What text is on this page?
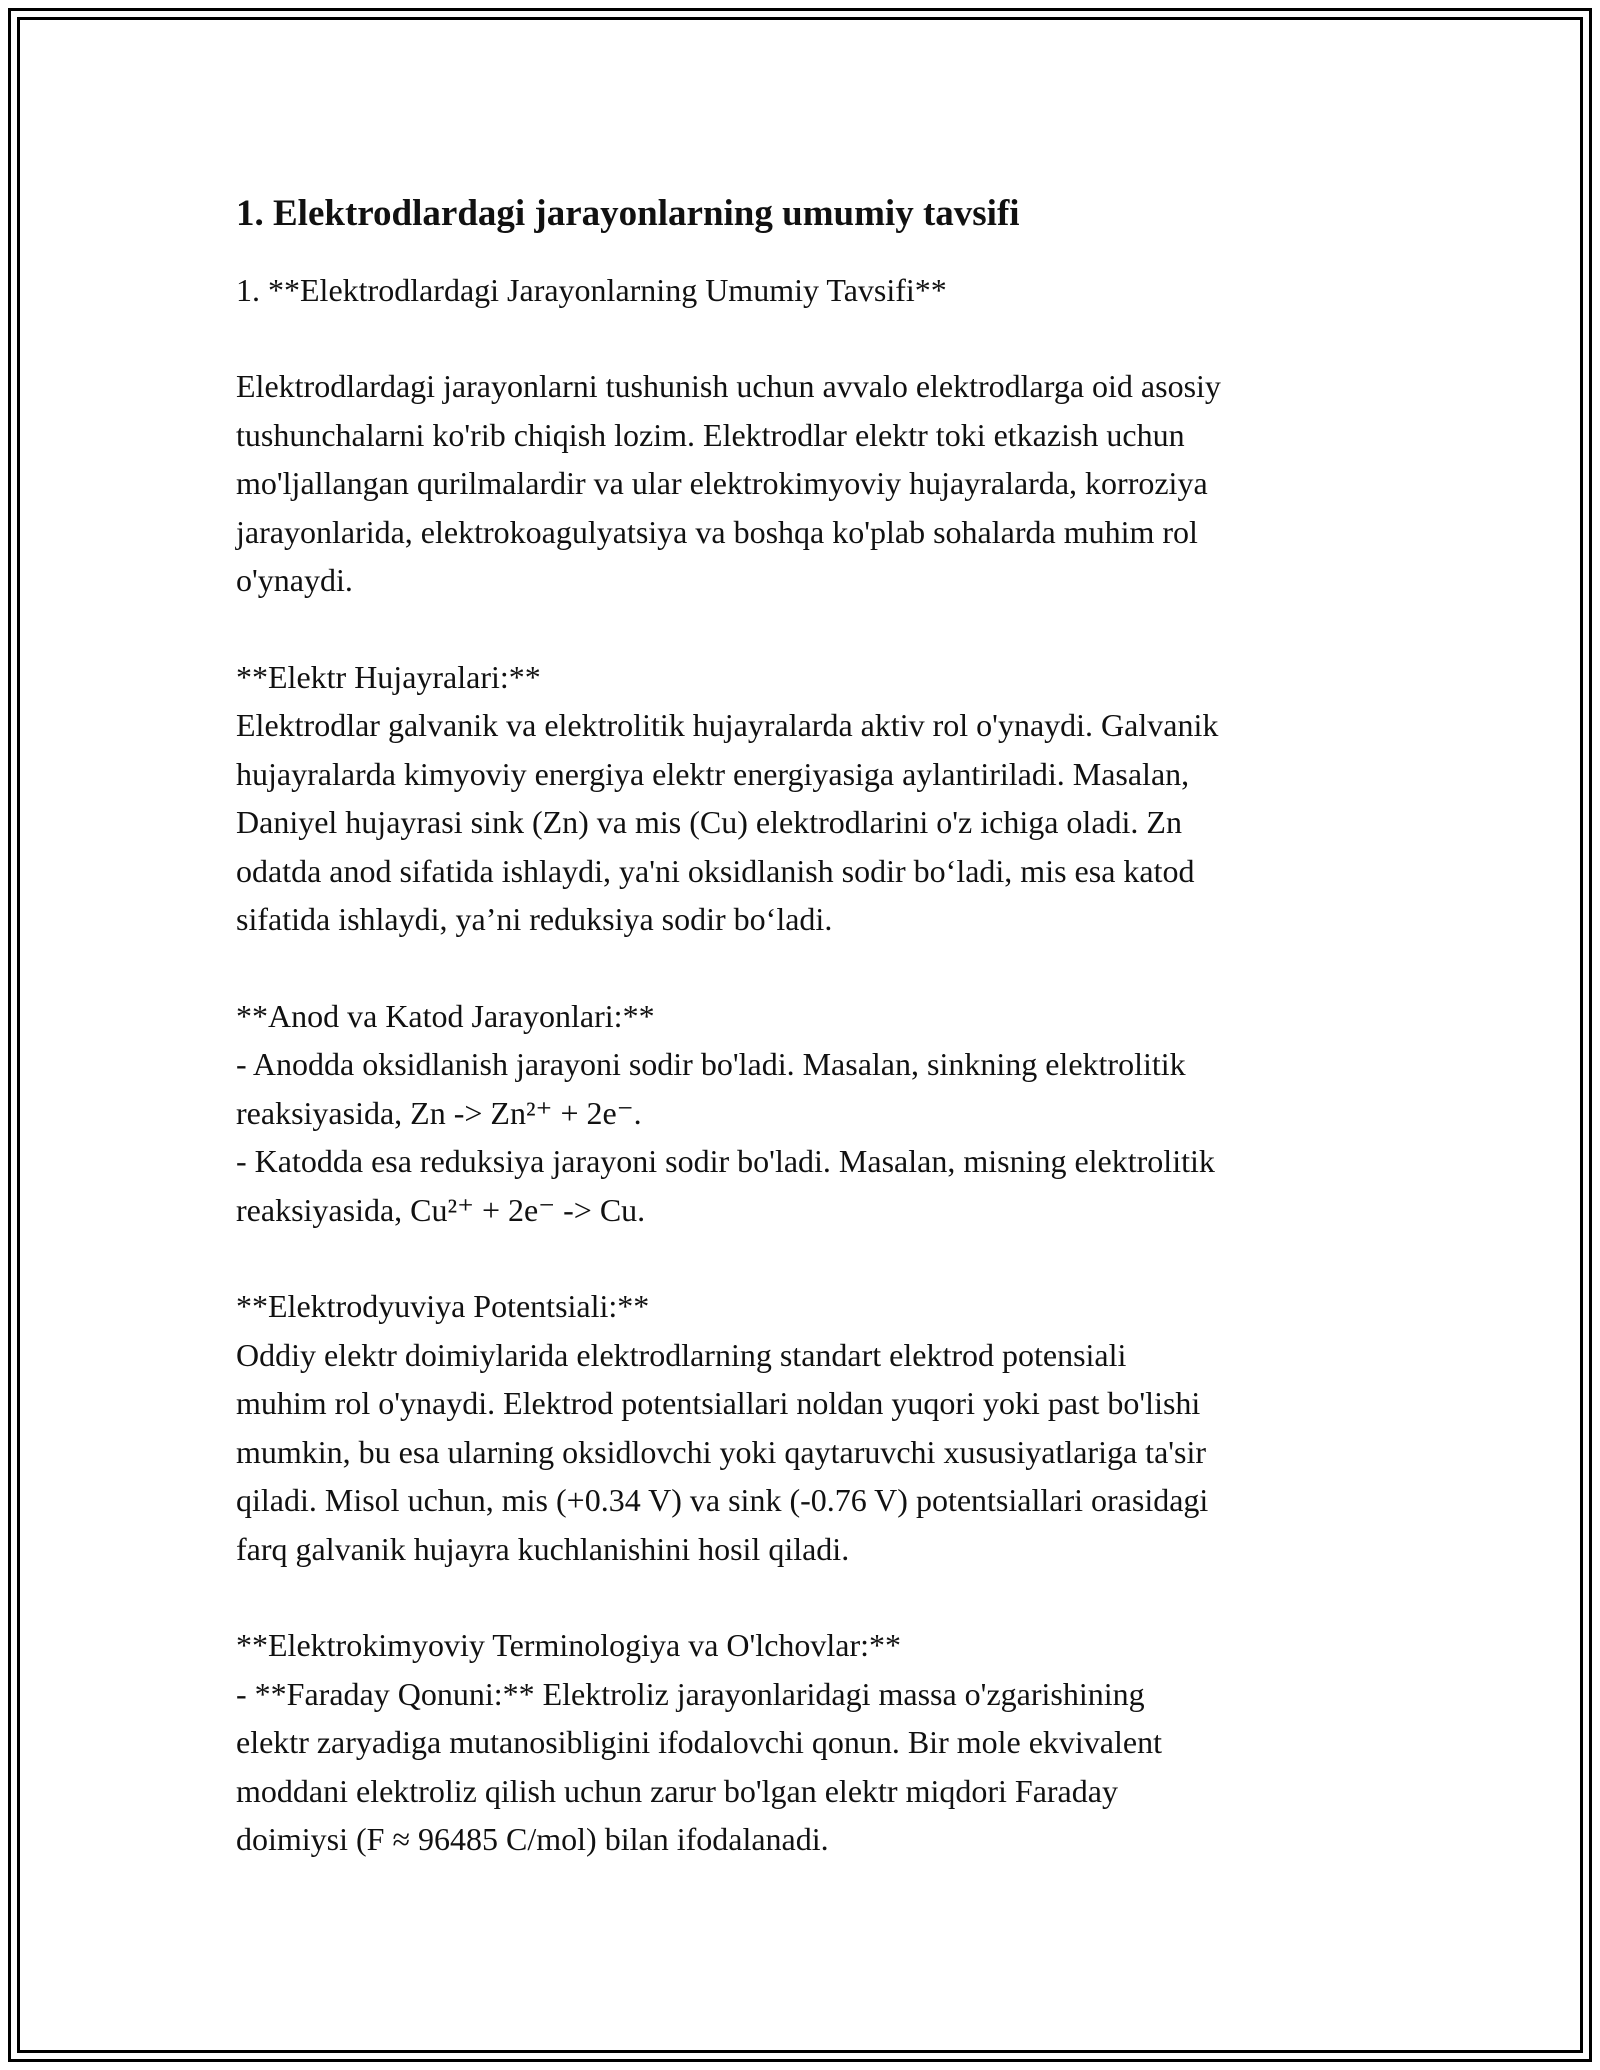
1. Elektrodlardagi jarayonlarning umumiy tavsifi
1. **Elektrodlardagi Jarayonlarning Umumiy Tavsifi**
Elektrodlardagi jarayonlarni tushunish uchun avvalo elektrodlarga oid asosiy
tushunchalarni ko'rib chiqish lozim. Elektrodlar elektr toki etkazish uchun
mo'ljallangan qurilmalardir va ular elektrokimyoviy hujayralarda, korroziya
jarayonlarida, elektrokoagulyatsiya va boshqa ko'plab sohalarda muhim rol
o'ynaydi.
**Elektr Hujayralari:**
Elektrodlar galvanik va elektrolitik hujayralarda aktiv rol o'ynaydi. Galvanik
hujayralarda kimyoviy energiya elektr energiyasiga aylantiriladi. Masalan,
Daniyel hujayrasi sink (Zn) va mis (Cu) elektrodlarini o'z ichiga oladi. Zn
odatda anod sifatida ishlaydi, ya'ni oksidlanish sodir bo‘ladi, mis esa katod
sifatida ishlaydi, ya’ni reduksiya sodir bo‘ladi.
**Anod va Katod Jarayonlari:**
- Anodda oksidlanish jarayoni sodir bo'ladi. Masalan, sinkning elektrolitik
reaksiyasida, Zn -> Zn²⁺ + 2e⁻.
- Katodda esa reduksiya jarayoni sodir bo'ladi. Masalan, misning elektrolitik
reaksiyasida, Cu²⁺ + 2e⁻ -> Cu.
**Elektrodyuviya Potentsiali:**
Oddiy elektr doimiylarida elektrodlarning standart elektrod potensiali
muhim rol o'ynaydi. Elektrod potentsiallari noldan yuqori yoki past bo'lishi
mumkin, bu esa ularning oksidlovchi yoki qaytaruvchi xususiyatlariga ta'sir
qiladi. Misol uchun, mis (+0.34 V) va sink (-0.76 V) potentsiallari orasidagi
farq galvanik hujayra kuchlanishini hosil qiladi.
**Elektrokimyoviy Terminologiya va O'lchovlar:**
- **Faraday Qonuni:** Elektroliz jarayonlaridagi massa o'zgarishining
elektr zaryadiga mutanosibligini ifodalovchi qonun. Bir mole ekvivalent
moddani elektroliz qilish uchun zarur bo'lgan elektr miqdori Faraday
doimiysi (F ≈ 96485 C/mol) bilan ifodalanadi.
